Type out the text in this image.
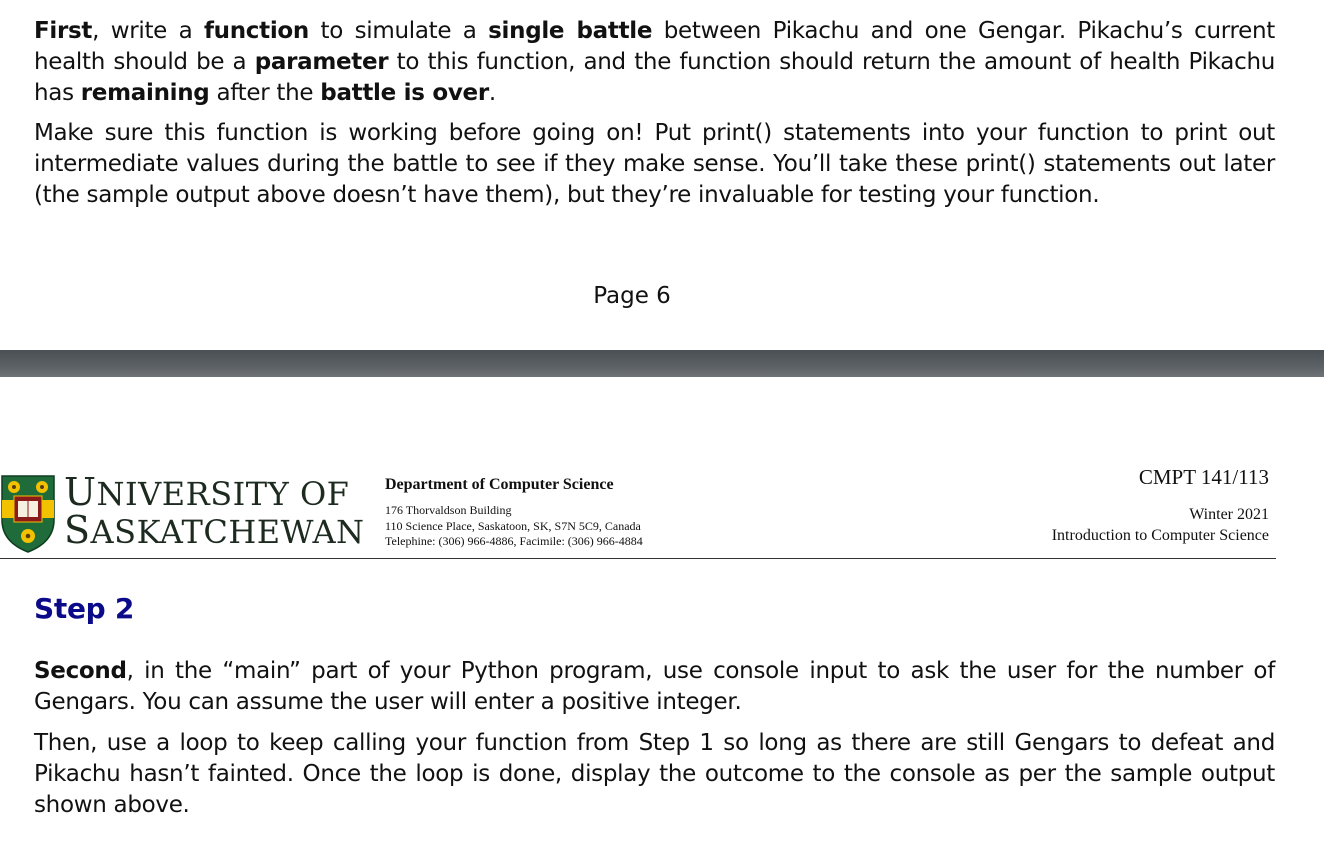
First, write a function to simulate a single battle between Pikachu and one Gengar. Pikachu’s current health should be a parameter to this function, and the function should return the amount of health Pikachu has remaining after the battle is over.

Make sure this function is working before going on! Put print() statements into your function to print out intermediate values during the battle to see if they make sense. You’ll take these print() statements out later (the sample output above doesn’t have them), but they’re invaluable for testing your function.

Page 6
UNIVERSITY OF
SASKATCHEWAN
Department of Computer Science
176 Thorvaldson Building
110 Science Place, Saskatoon, SK, S7N 5C9, Canada
Telephine: (306) 966-4886, Facimile: (306) 966-4884
CMPT 141/113
Winter 2021
Introduction to Computer Science
Step 2

Second, in the “main” part of your Python program, use console input to ask the user for the number of Gengars. You can assume the user will enter a positive integer.

Then, use a loop to keep calling your function from Step 1 so long as there are still Gengars to defeat and Pikachu hasn’t fainted. Once the loop is done, display the outcome to the console as per the sample output shown above.
